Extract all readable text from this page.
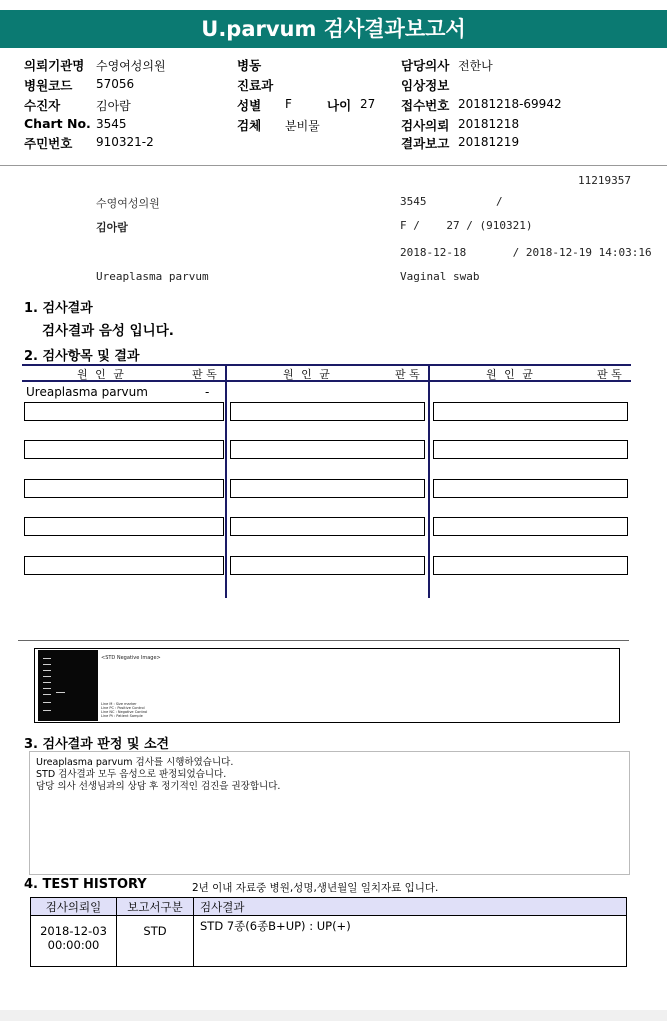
U.parvum 검사결과보고서
의뢰기관명 수영여성의원
병원코드 57056
수진자	김아람
Chart No. 3545
주민번호 910321-2
병동
진료과
성별 F	나이 27
검체 분비물
담당의사 전한나
임상정보
접수번호 20181218-69942
검사의뢰 20181218
결과보고 20181219
11219357
수영여성의원	3545	/
김아람	F /    27 / (910321)
2018-12-18       / 2018-12-19 14:03:16
Ureaplasma parvum	Vaginal swab
1. 검사결과
검사결과 음성 입니다.
2. 검사항목 및 결과
원 인 균	판 독	원 인 균	판 독	원 인 균	판 독
Ureaplasma parvum	-
<STD Negative Image>
Line M : Size marker
Line PC : Positive Control
Line NC : Negative Control
Line Pt : Patient Sample
3. 검사결과 판정 및 소견
Ureaplasma parvum 검사를 시행하였습니다.
STD 검사결과 모두 음성으로 판정되었습니다.
담당 의사 선생님과의 상담 후 정기적인 검진을 권장합니다.
4. TEST HISTORY	2년 이내 자료중 병원,성명,생년월일 일치자료 입니다.
검사의뢰일	보고서구분	검사결과
2018-12-03
00:00:00	STD	STD 7종(6종B+UP) : UP(+)
